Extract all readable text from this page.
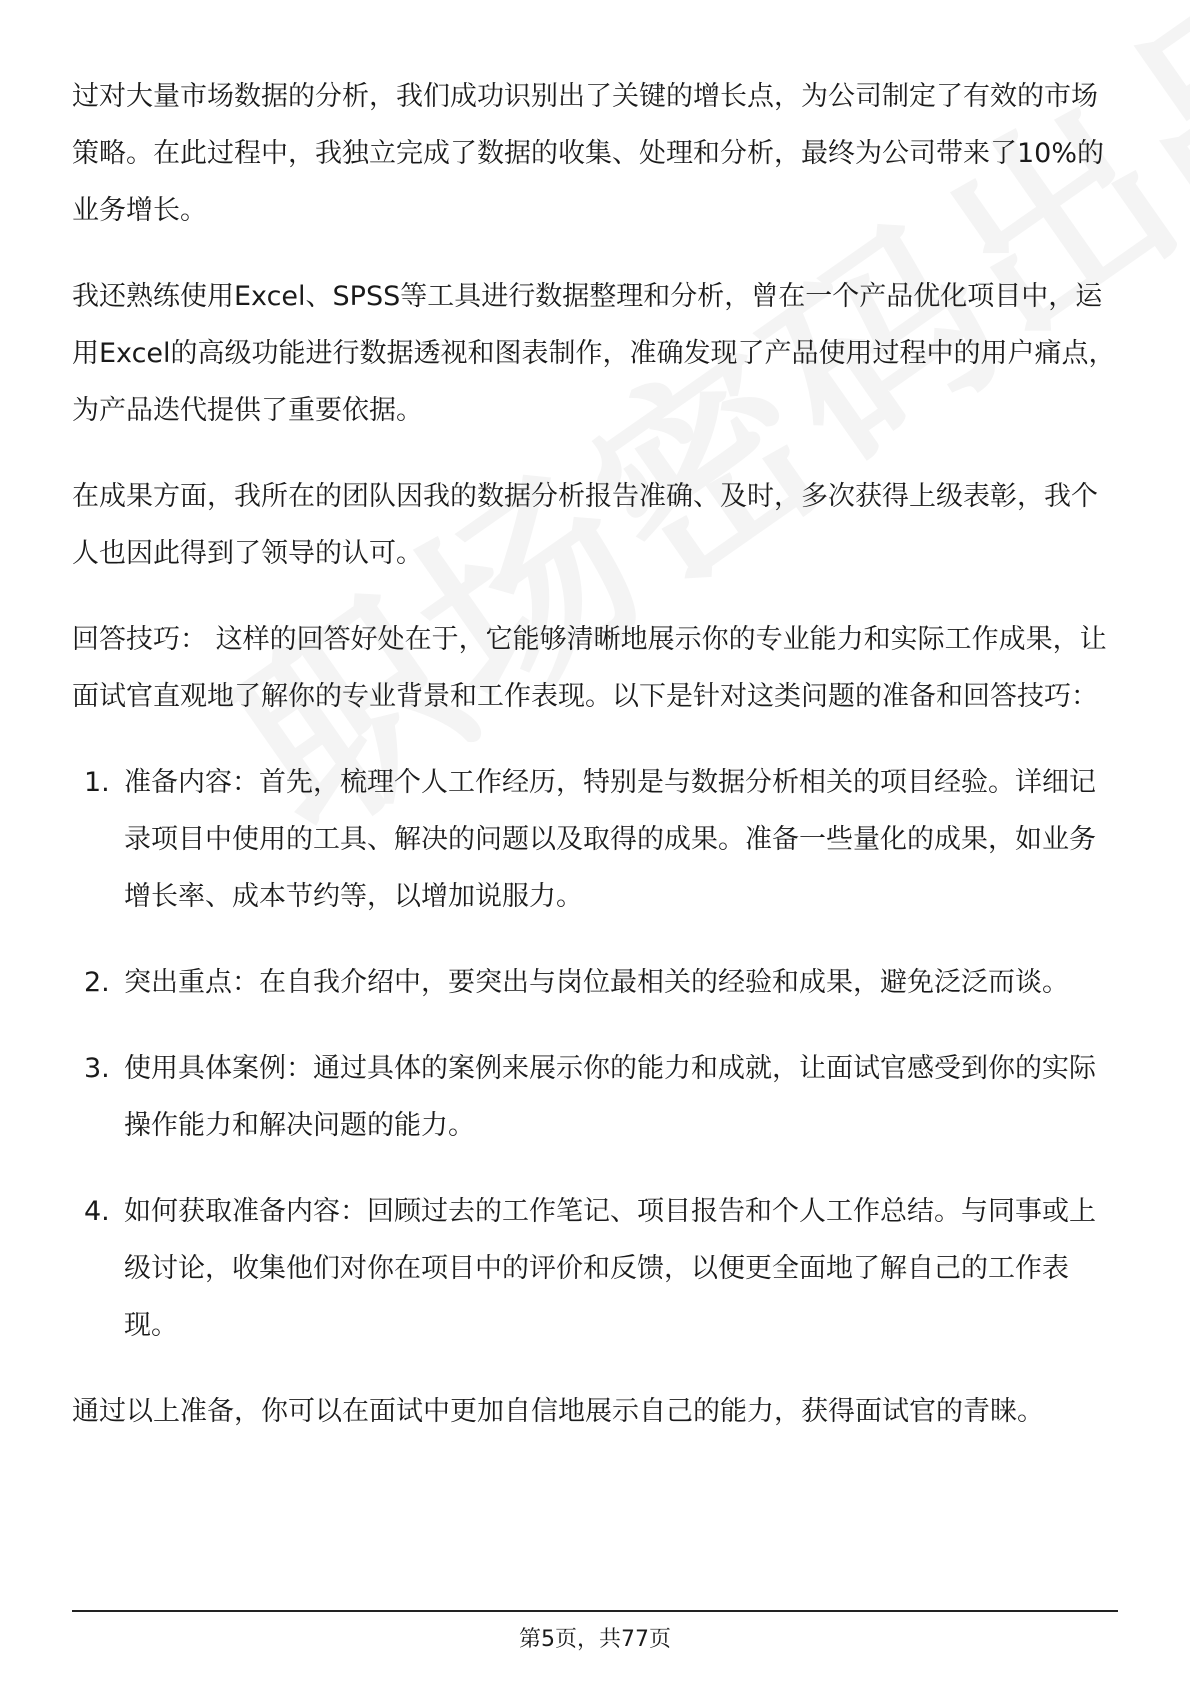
过对大量市场数据的分析，我们成功识别出了关键的增长点，为公司制定了有效的市场策略。在此过程中，我独立完成了数据的收集、处理和分析，最终为公司带来了10%的业务增长。

我还熟练使用Excel、SPSS等工具进行数据整理和分析，曾在一个产品优化项目中，运用Excel的高级功能进行数据透视和图表制作，准确发现了产品使用过程中的用户痛点，为产品迭代提供了重要依据。

在成果方面，我所在的团队因我的数据分析报告准确、及时，多次获得上级表彰，我个人也因此得到了领导的认可。

回答技巧： 这样的回答好处在于，它能够清晰地展示你的专业能力和实际工作成果，让面试官直观地了解你的专业背景和工作表现。以下是针对这类问题的准备和回答技巧：

1. 准备内容：首先，梳理个人工作经历，特别是与数据分析相关的项目经验。详细记录项目中使用的工具、解决的问题以及取得的成果。准备一些量化的成果，如业务增长率、成本节约等，以增加说服力。
2. 突出重点：在自我介绍中，要突出与岗位最相关的经验和成果，避免泛泛而谈。
3. 使用具体案例：通过具体的案例来展示你的能力和成就，让面试官感受到你的实际操作能力和解决问题的能力。
4. 如何获取准备内容：回顾过去的工作笔记、项目报告和个人工作总结。与同事或上级讨论，收集他们对你在项目中的评价和反馈，以便更全面地了解自己的工作表现。

通过以上准备，你可以在面试中更加自信地展示自己的能力，获得面试官的青睐。

第5页，共77页
